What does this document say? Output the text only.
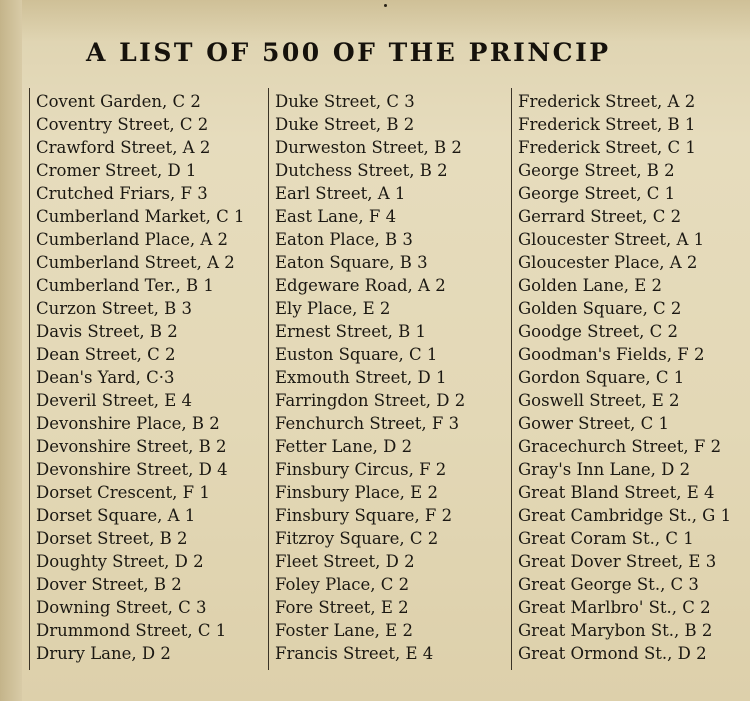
A LIST OF 500 OF THE PRINCIP
Covent Garden, C 2
Coventry Street, C 2
Crawford Street, A 2
Cromer Street, D 1
Crutched Friars, F 3
Cumberland Market, C 1
Cumberland Place, A 2
Cumberland Street, A 2
Cumberland Ter., B 1
Curzon Street, B 3
Davis Street, B 2
Dean Street, C 2
Dean's Yard, C·3
Deveril Street, E 4
Devonshire Place, B 2
Devonshire Street, B 2
Devonshire Street, D 4
Dorset Crescent, F 1
Dorset Square, A 1
Dorset Street, B 2
Doughty Street, D 2
Dover Street, B 2
Downing Street, C 3
Drummond Street, C 1
Drury Lane, D 2
Duke Street, C 3
Duke Street, B 2
Durweston Street, B 2
Dutchess Street, B 2
Earl Street, A 1
East Lane, F 4
Eaton Place, B 3
Eaton Square, B 3
Edgeware Road, A 2
Ely Place, E 2
Ernest Street, B 1
Euston Square, C 1
Exmouth Street, D 1
Farringdon Street, D 2
Fenchurch Street, F 3
Fetter Lane, D 2
Finsbury Circus, F 2
Finsbury Place, E 2
Finsbury Square, F 2
Fitzroy Square, C 2
Fleet Street, D 2
Foley Place, C 2
Fore Street, E 2
Foster Lane, E 2
Francis Street, E 4
Frederick Street, A 2
Frederick Street, B 1
Frederick Street, C 1
George Street, B 2
George Street, C 1
Gerrard Street, C 2
Gloucester Street, A 1
Gloucester Place, A 2
Golden Lane, E 2
Golden Square, C 2
Goodge Street, C 2
Goodman's Fields, F 2
Gordon Square, C 1
Goswell Street, E 2
Gower Street, C 1
Gracechurch Street, F 2
Gray's Inn Lane, D 2
Great Bland Street, E 4
Great Cambridge St., G 1
Great Coram St., C 1
Great Dover Street, E 3
Great George St., C 3
Great Marlbro' St., C 2
Great Marybon St., B 2
Great Ormond St., D 2
